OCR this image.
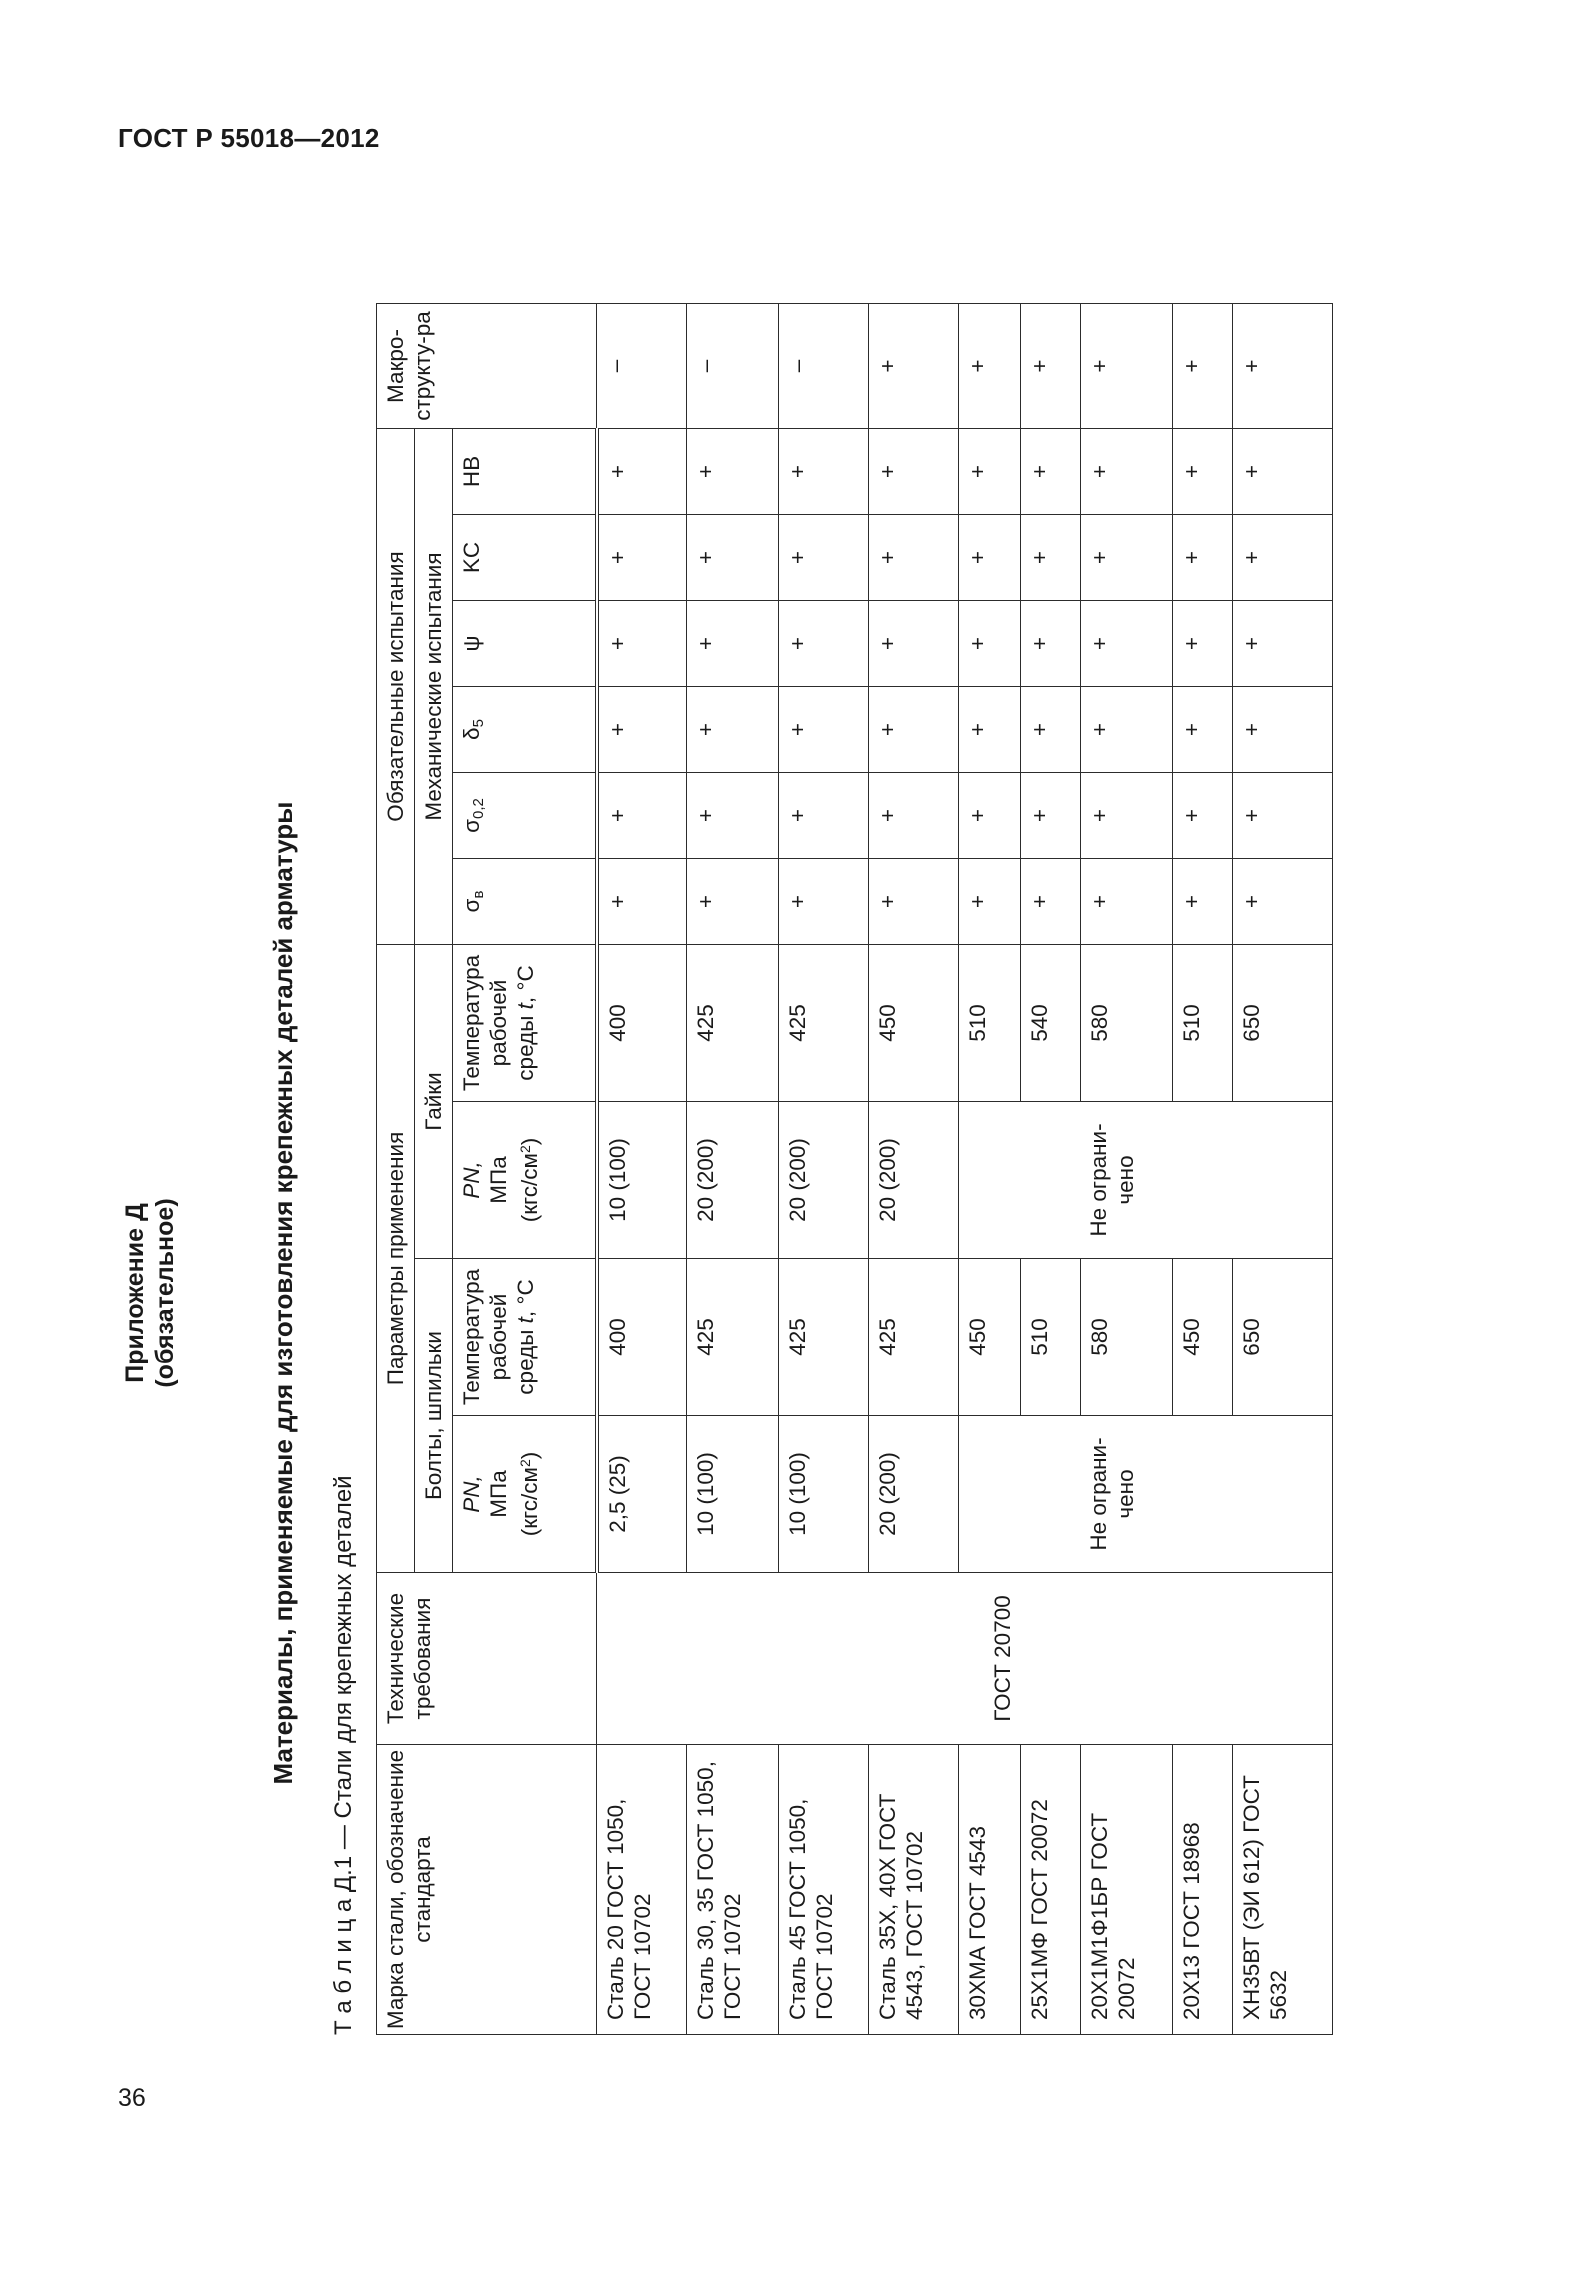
ГОСТ Р 55018—2012
36
Приложение Д (обязательное)	Материалы, применяемые для изготовления крепежных деталей арматуры Т а б л и ц а Д.1 — Стали для крепежных деталей Марка стали, обозначение стандарта	Технические требования	Параметры применения				Обязательные испытания						Макро-структу-ра
		Болты, шпильки		Гайки		Механические испытания						
		PN,
МПа $(кгс/см^2)$	Температура рабочей среды t, °C	PN,
МПа $(кгс/см^2)$	Температура рабочей среды t, °C	$\sigma_в$	$\sigma_{0,2}$	$\delta_5$	ψ	KC	HB	
Сталь 20 ГОСТ 1050, ГОСТ 10702	ГОСТ 20700	2,5 (25)	400	10 (100)	400	+	+	+	+	+	+	–
Сталь 30, 35 ГОСТ 1050, ГОСТ 10702		10 (100)	425	20 (200)	425	+	+	+	+	+	+	–
Сталь 45 ГОСТ 1050, ГОСТ 10702		10 (100)	425	20 (200)	425	+	+	+	+	+	+	–
Сталь 35Х, 40Х ГОСТ 4543, ГОСТ 10702		20 (200)	425	20 (200)	450	+	+	+	+	+	+	+
30ХМА ГОСТ 4543		Не ограни-чено	450	Не ограни-чено	510	+	+	+	+	+	+	+
25Х1МФ ГОСТ 20072			510		540	+	+	+	+	+	+	+
20Х1М1Ф1БР ГОСТ 20072			580		580	+	+	+	+	+	+	+
20Х13 ГОСТ 18968			450		510	+	+	+	+	+	+	+
ХН35ВТ (ЭИ 612) ГОСТ 5632			650		650	+	+	+	+	+	+	+
